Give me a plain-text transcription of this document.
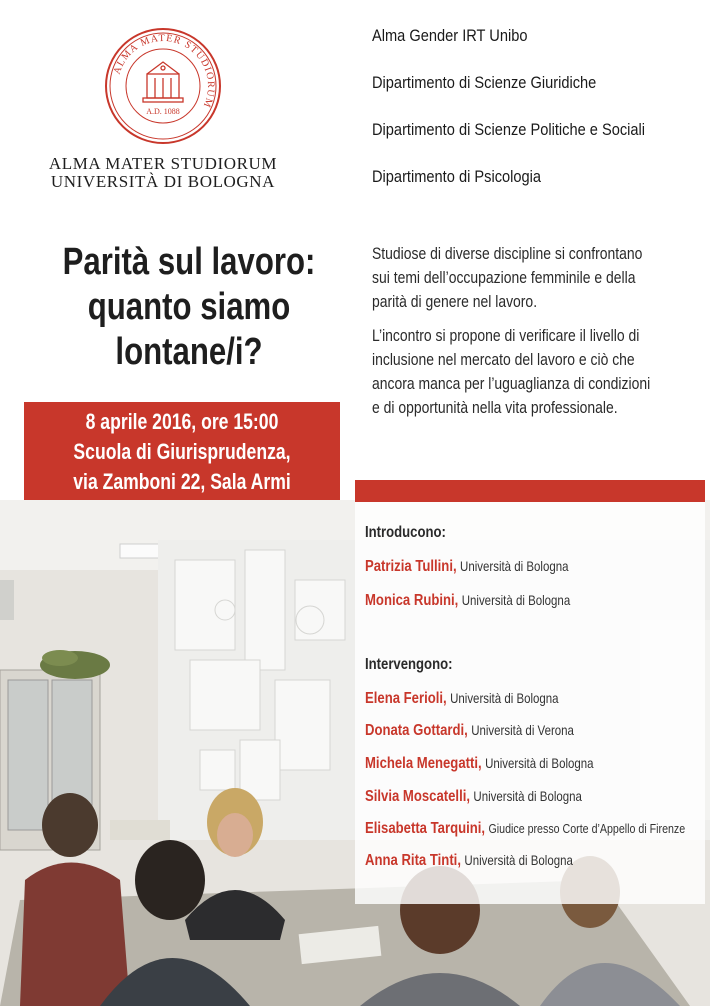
ALMA MATER STUDIORUM
A.D. 1088
ALMA MATER STUDIORUM
UNIVERSITÀ DI BOLOGNA
Alma Gender IRT Unibo
Dipartimento di Scienze Giuridiche
Dipartimento di Scienze Politiche e Sociali
Dipartimento di Psicologia
Parità sul lavoro:
quanto siamo
lontane/i?
8 aprile 2016, ore 15:00
Scuola di Giurisprudenza,
via Zamboni 22, Sala Armi

Studiose di diverse discipline si confrontano

sui temi dell’occupazione femminile e della

parità di genere nel lavoro.

L’incontro si propone di verificare il livello di

inclusione nel mercato del lavoro e ciò che

ancora manca per l’uguaglianza di condizioni

e di opportunità nella vita professionale.

Introducono:
Patrizia Tullini, Università di Bologna
Monica Rubini, Università di Bologna
Intervengono:
Elena Ferioli, Università di Bologna
Donata Gottardi, Università di Verona
Michela Menegatti, Università di Bologna
Silvia Moscatelli, Università di Bologna
Elisabetta Tarquini, Giudice presso Corte d’Appello di Firenze
Anna Rita Tinti, Università di Bologna
